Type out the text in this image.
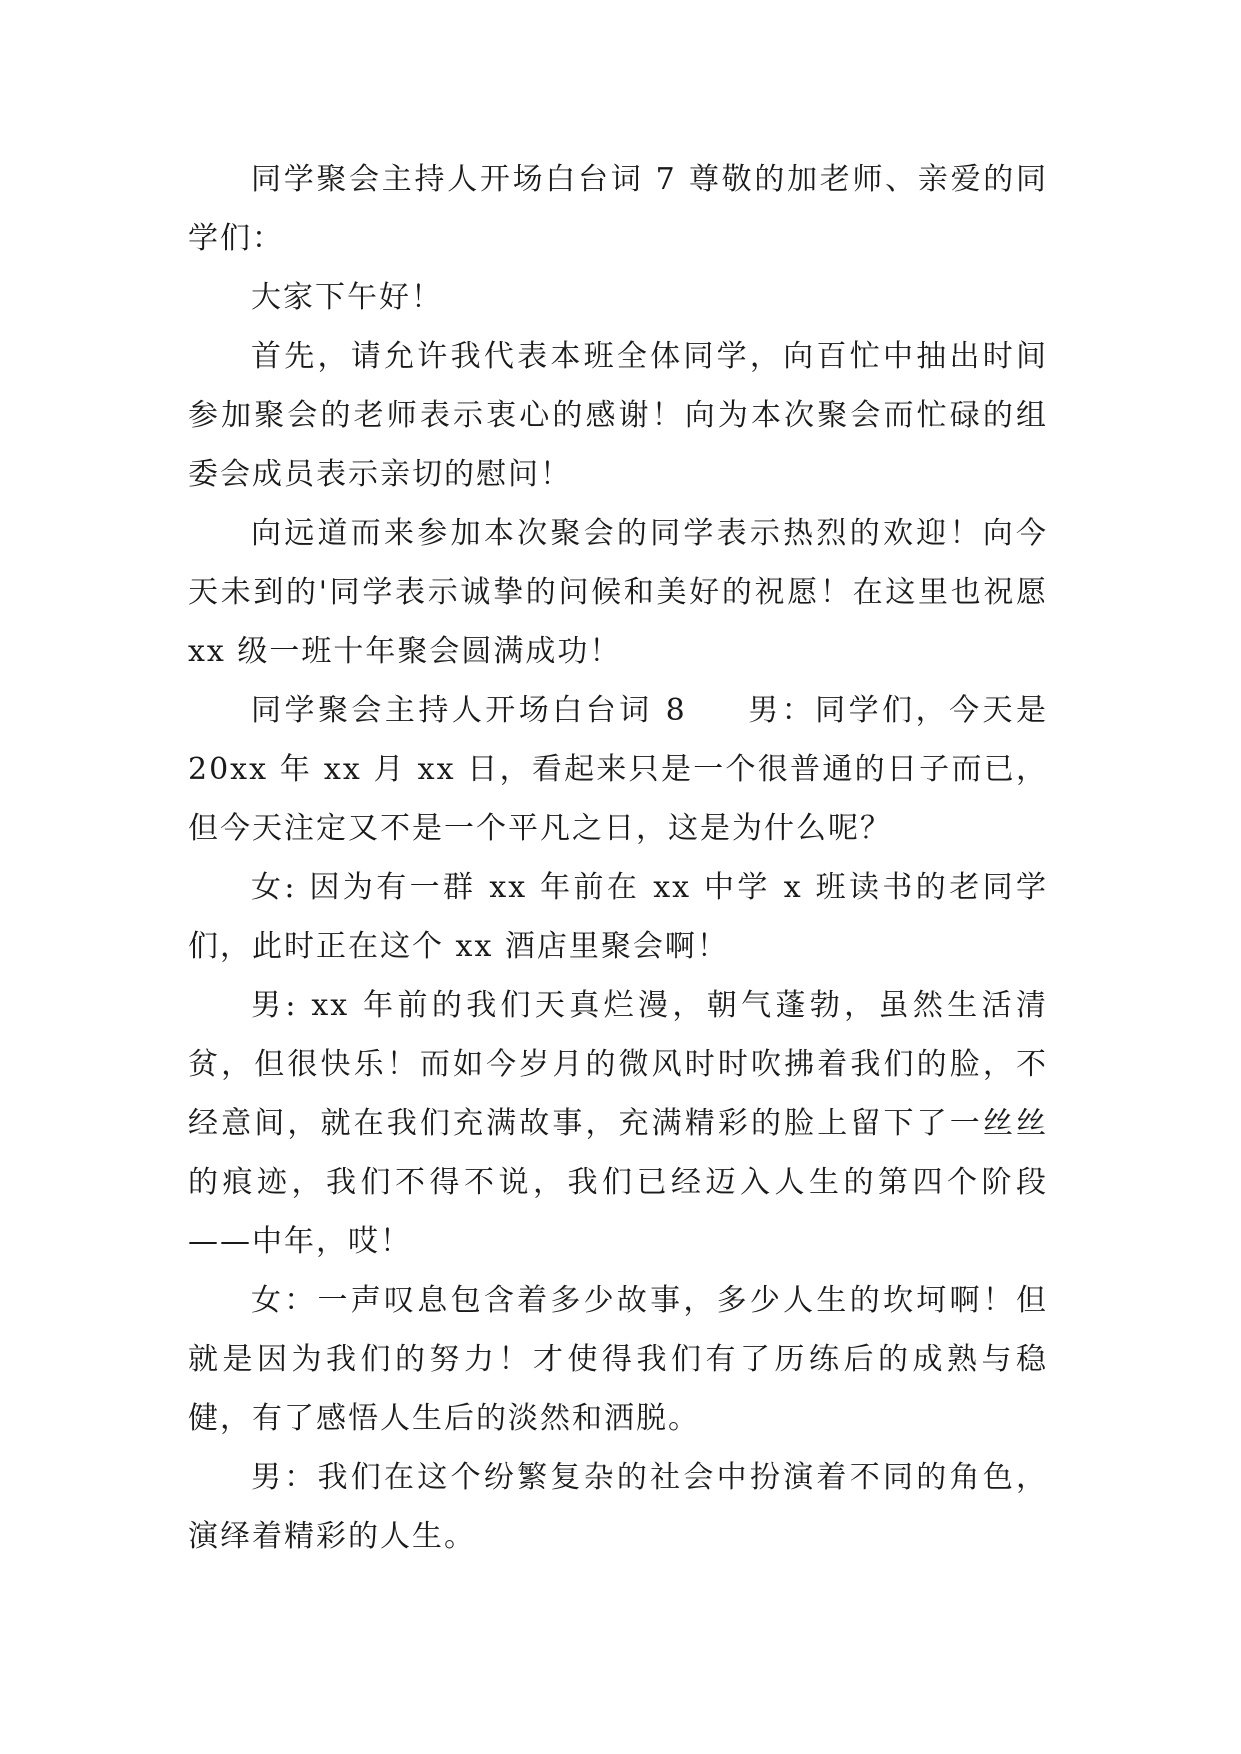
同学聚会主持人开场白台词 7 尊敬的加老师、亲爱的同学们：

大家下午好！

首先，请允许我代表本班全体同学，向百忙中抽出时间参加聚会的老师表示衷心的感谢！向为本次聚会而忙碌的组委会成员表示亲切的慰问！

向远道而来参加本次聚会的同学表示热烈的欢迎！向今天未到的'同学表示诚挚的问候和美好的祝愿！在这里也祝愿 xx 级一班十年聚会圆满成功！

同学聚会主持人开场白台词 8 男：同学们，今天是 20xx 年 xx 月 xx 日，看起来只是一个很普通的日子而已，但今天注定又不是一个平凡之日，这是为什么呢？

女: 因为有一群 xx 年前在 xx 中学 x 班读书的老同学们，此时正在这个 xx 酒店里聚会啊！

男: xx 年前的我们天真烂漫，朝气蓬勃，虽然生活清贫，但很快乐！而如今岁月的微风时时吹拂着我们的脸，不经意间，就在我们充满故事，充满精彩的脸上留下了一丝丝的痕迹，我们不得不说，我们已经迈入人生的第四个阶段——中年，哎！

女：一声叹息包含着多少故事，多少人生的坎坷啊！但就是因为我们的努力！才使得我们有了历练后的成熟与稳健，有了感悟人生后的淡然和洒脱。

男：我们在这个纷繁复杂的社会中扮演着不同的角色，演绎着精彩的人生。
